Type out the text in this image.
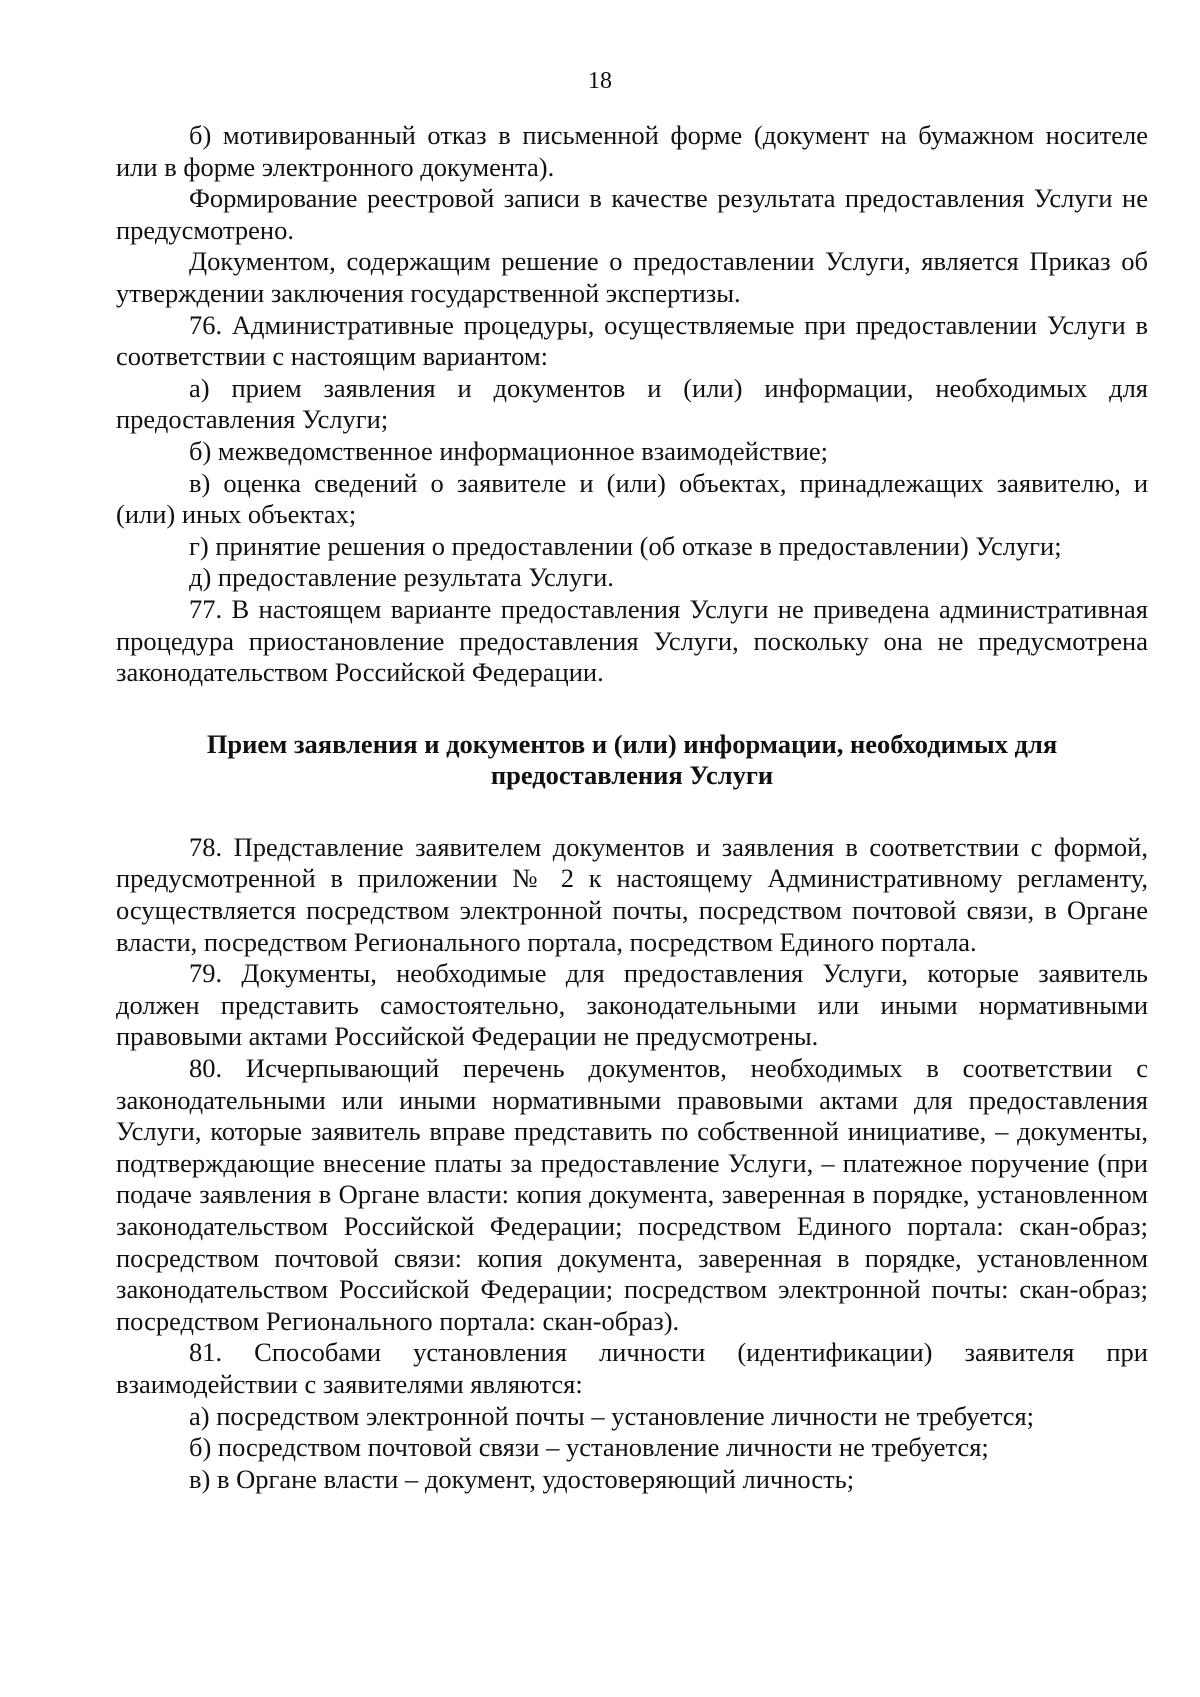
18

б) мотивированный отказ в письменной форме (документ на бумажном носителе или в форме электронного документа).

Формирование реестровой записи в качестве результата предоставления Услуги не предусмотрено.

Документом, содержащим решение о предоставлении Услуги, является Приказ об утверждении заключения государственной экспертизы.

76. Административные процедуры, осуществляемые при предоставлении Услуги в соответствии с настоящим вариантом:

а) прием заявления и документов и (или) информации, необходимых для предоставления Услуги;

б) межведомственное информационное взаимодействие;

в) оценка сведений о заявителе и (или) объектах, принадлежащих заявителю, и (или) иных объектах;

г) принятие решения о предоставлении (об отказе в предоставлении) Услуги;

д) предоставление результата Услуги.

77. В настоящем варианте предоставления Услуги не приведена административная процедура приостановление предоставления Услуги, поскольку она не предусмотрена законодательством Российской Федерации.

Прием заявления и документов и (или) информации, необходимых для предоставления Услуги

78. Представление заявителем документов и заявления в соответствии с формой, предусмотренной в приложении № 2 к настоящему Административному регламенту, осуществляется посредством электронной почты, посредством почтовой связи, в Органе власти, посредством Регионального портала, посредством Единого портала.

79. Документы, необходимые для предоставления Услуги, которые заявитель должен представить самостоятельно, законодательными или иными нормативными правовыми актами Российской Федерации не предусмотрены.

80. Исчерпывающий перечень документов, необходимых в соответствии с законодательными или иными нормативными правовыми актами для предоставления Услуги, которые заявитель вправе представить по собственной инициативе, – документы, подтверждающие внесение платы за предоставление Услуги, – платежное поручение (при подаче заявления в Органе власти: копия документа, заверенная в порядке, установленном законодательством Российской Федерации; посредством Единого портала: скан-образ; посредством почтовой связи: копия документа, заверенная в порядке, установленном законодательством Российской Федерации; посредством электронной почты: скан-образ; посредством Регионального портала: скан-образ).

81. Способами установления личности (идентификации) заявителя при взаимодействии с заявителями являются:

а) посредством электронной почты – установление личности не требуется;

б) посредством почтовой связи – установление личности не требуется;

в) в Органе власти – документ, удостоверяющий личность;
